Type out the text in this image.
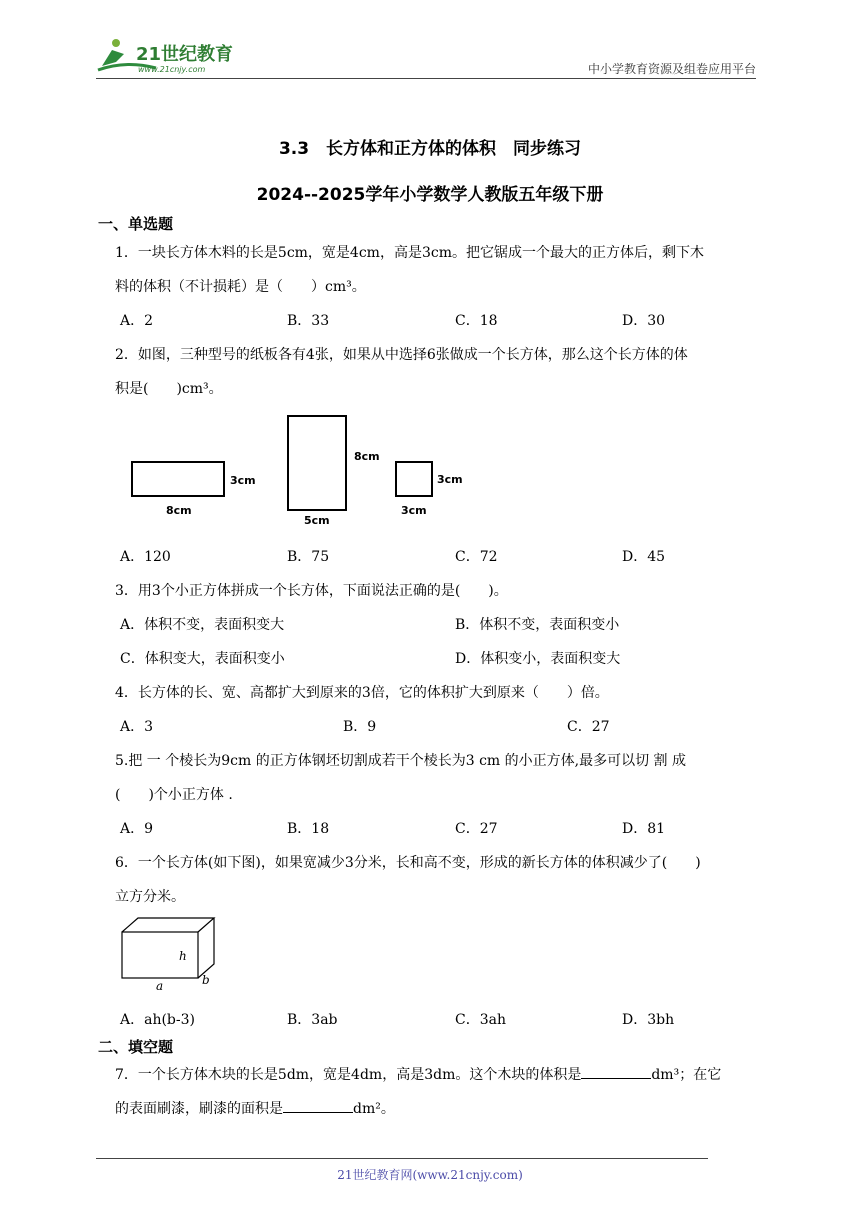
21世纪教育
www.21cnjy.com	中小学教育资源及组卷应用平台
3.3　长方体和正方体的体积　同步练习
2024--2025学年小学数学人教版五年级下册
一、单选题
1．一块长方体木料的长是5cm，宽是4cm，高是3cm。把它锯成一个最大的正方体后，剩下木
料的体积（不计损耗）是（　　）cm³。
A．2	B．33	C．18	D．30
2．如图，三种型号的纸板各有4张，如果从中选择6张做成一个长方体，那么这个长方体的体
积是(　　)cm³。
3cm
8cm
8cm
5cm
3cm
3cm
A．120	B．75	C．72	D．45
3．用3个小正方体拼成一个长方体，下面说法正确的是(　　)。
A．体积不变，表面积变大	B．体积不变，表面积变小
C．体积变大，表面积变小	D．体积变小，表面积变大
4．长方体的长、宽、高都扩大到原来的3倍，它的体积扩大到原来（　　）倍。
A．3	B．9	C．27
5.把 一 个棱长为9cm 的正方体钢坯切割成若干个棱长为3 cm 的小正方体,最多可以切 割 成
(　　)个小正方体 .
A．9	B．18	C．27	D．81
6．一个长方体(如下图)，如果宽减少3分米，长和高不变，形成的新长方体的体积减少了(　　)
立方分米。
h
a	b
A．ah(b-3)	B．3ab	C．3ah	D．3bh
二、填空题
7．一个长方体木块的长是5dm，宽是4dm，高是3dm。这个木块的体积是	dm³；在它
的表面刷漆，刷漆的面积是	dm²。
21世纪教育网(www.21cnjy.com)
